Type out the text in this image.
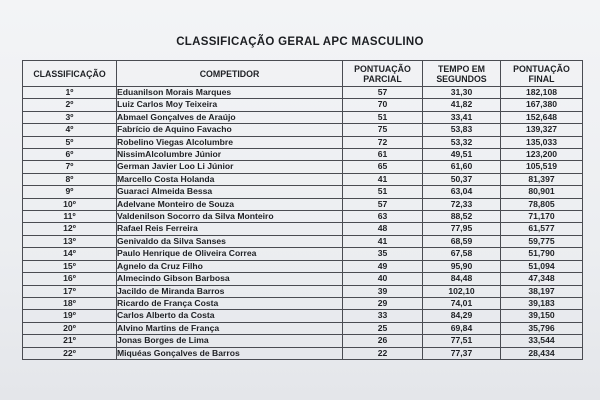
CLASSIFICAÇÃO GERAL APC MASCULINO
CLASSIFICAÇÃO	COMPETIDOR	PONTUAÇÃO PARCIAL	TEMPO EM SEGUNDOS	PONTUAÇÃO FINAL
1º	Eduanilson Morais Marques	57	31,30	182,108
2º	Luiz Carlos Moy Teixeira	70	41,82	167,380
3º	Abmael Gonçalves de Araújo	51	33,41	152,648
4º	Fabrício de Aquino Favacho	75	53,83	139,327
5º	Robelino Viegas Alcolumbre	72	53,32	135,033
6º	NissimAlcolumbre Júnior	61	49,51	123,200
7º	German Javier Loo Li Júnior	65	61,60	105,519
8º	Marcello Costa Holanda	41	50,37	81,397
9º	Guaraci Almeida Bessa	51	63,04	80,901
10º	Adelvane Monteiro de Souza	57	72,33	78,805
11º	Valdenilson Socorro da Silva Monteiro	63	88,52	71,170
12º	Rafael Reis Ferreira	48	77,95	61,577
13º	Genivaldo da Silva Sanses	41	68,59	59,775
14º	Paulo Henrique de Oliveira Correa	35	67,58	51,790
15º	Agnelo da Cruz Filho	49	95,90	51,094
16º	Almecindo Gibson Barbosa	40	84,48	47,348
17º	Jacildo de Miranda Barros	39	102,10	38,197
18º	Ricardo de França Costa	29	74,01	39,183
19º	Carlos Alberto da Costa	33	84,29	39,150
20º	Alvino Martins de França	25	69,84	35,796
21º	Jonas Borges de Lima	26	77,51	33,544
22º	Miquéas Gonçalves de Barros	22	77,37	28,434
